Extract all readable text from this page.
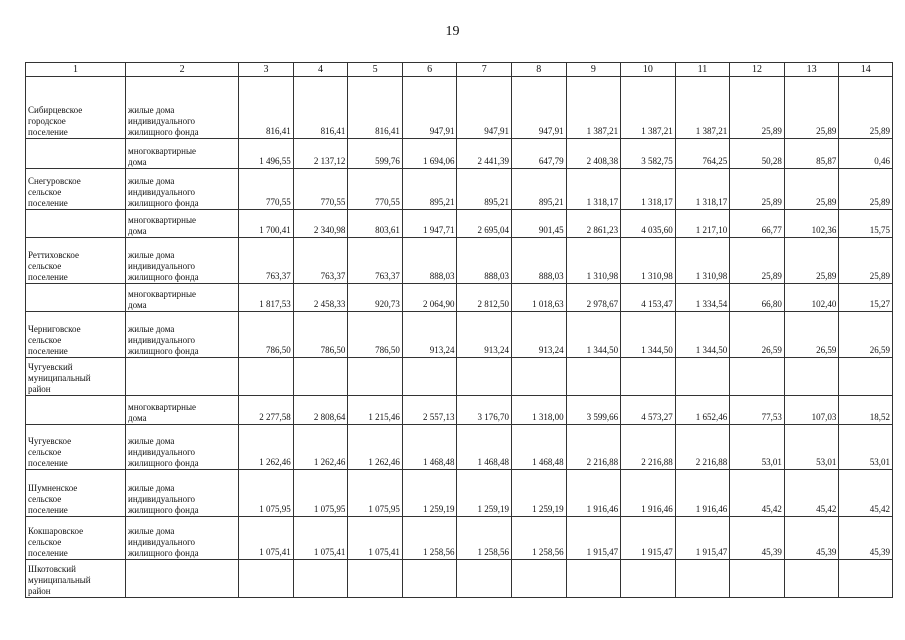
19
1	2	3	4	5	6	7	8	9	10	11	12	13	14

Сибирцевское
городское
поселение	жилые дома
индивидуального
жилищного фонда	816,41	816,41	816,41	947,91	947,91	947,91	1 387,21	1 387,21	1 387,21	25,89	25,89	25,89

	многоквартирные
дома	1 496,55	2 137,12	599,76	1 694,06	2 441,39	647,79	2 408,38	3 582,75	764,25	50,28	85,87	0,46

Снегуровское
сельское
поселение	жилые дома
индивидуального
жилищного фонда	770,55	770,55	770,55	895,21	895,21	895,21	1 318,17	1 318,17	1 318,17	25,89	25,89	25,89

	многоквартирные
дома	1 700,41	2 340,98	803,61	1 947,71	2 695,04	901,45	2 861,23	4 035,60	1 217,10	66,77	102,36	15,75

Реттиховское
сельское
поселение	жилые дома
индивидуального
жилищного фонда	763,37	763,37	763,37	888,03	888,03	888,03	1 310,98	1 310,98	1 310,98	25,89	25,89	25,89

	многоквартирные
дома	1 817,53	2 458,33	920,73	2 064,90	2 812,50	1 018,63	2 978,67	4 153,47	1 334,54	66,80	102,40	15,27

Черниговское
сельское
поселение	жилые дома
индивидуального
жилищного фонда	786,50	786,50	786,50	913,24	913,24	913,24	1 344,50	1 344,50	1 344,50	26,59	26,59	26,59

Чугуевский
муниципальный
район													

	многоквартирные
дома	2 277,58	2 808,64	1 215,46	2 557,13	3 176,70	1 318,00	3 599,66	4 573,27	1 652,46	77,53	107,03	18,52

Чугуевское
сельское
поселение	жилые дома
индивидуального
жилищного фонда	1 262,46	1 262,46	1 262,46	1 468,48	1 468,48	1 468,48	2 216,88	2 216,88	2 216,88	53,01	53,01	53,01

Шумненское
сельское
поселение	жилые дома
индивидуального
жилищного фонда	1 075,95	1 075,95	1 075,95	1 259,19	1 259,19	1 259,19	1 916,46	1 916,46	1 916,46	45,42	45,42	45,42

Кокшаровское
сельское
поселение	жилые дома
индивидуального
жилищного фонда	1 075,41	1 075,41	1 075,41	1 258,56	1 258,56	1 258,56	1 915,47	1 915,47	1 915,47	45,39	45,39	45,39

Шкотовский
муниципальный
район													
